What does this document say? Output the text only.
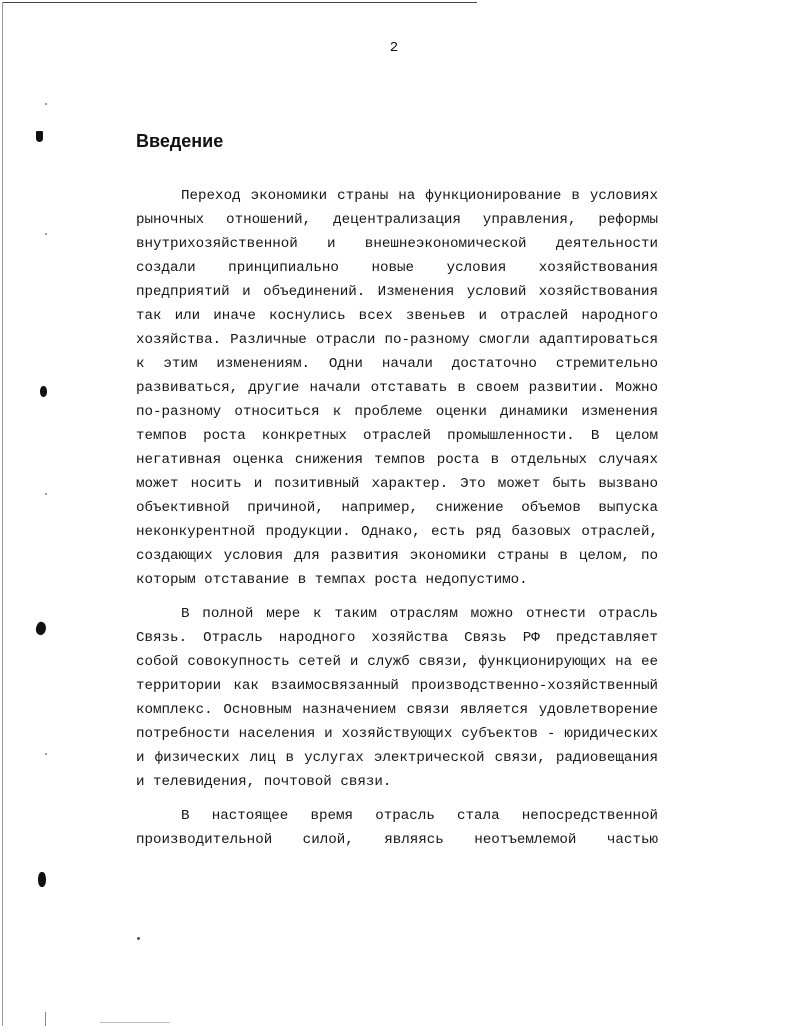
2
Введение

Переход экономики страны на функционирование в условиях рыночных отношений, децентрализация управления, реформы внутрихозяйственной и внешнеэкономической деятельности создали принципиально новые условия хозяйствования предприятий и объединений. Изменения условий хозяйствования так или иначе коснулись всех звеньев и отраслей народного хозяйства. Различные отрасли по-разному смогли адаптироваться к этим изменениям. Одни начали достаточно стремительно развиваться, другие начали отставать в своем развитии. Можно по-разному относиться к проблеме оценки динамики изменения темпов роста конкретных отраслей промышленности. В целом негативная оценка снижения темпов роста в отдельных случаях может носить и позитивный характер. Это может быть вызвано объективной причиной, например, снижение объемов выпуска неконкурентной продукции. Однако, есть ряд базовых отраслей, создающих условия для развития экономики страны в целом, по которым отставание в темпах роста недопустимо.

В полной мере к таким отраслям можно отнести отрасль Связь. Отрасль народного хозяйства Связь РФ представляет собой совокупность сетей и служб связи, функционирующих на ее территории как взаимосвязанный производственно-хозяйственный комплекс. Основным назначением связи является удовлетворение потребности населения и хозяйствующих субъектов - юридических и физических лиц в услугах электрической связи, радиовещания и телевидения, почтовой связи.

В настоящее время отрасль стала непосредственной производительной силой, являясь неотъемлемой частью
